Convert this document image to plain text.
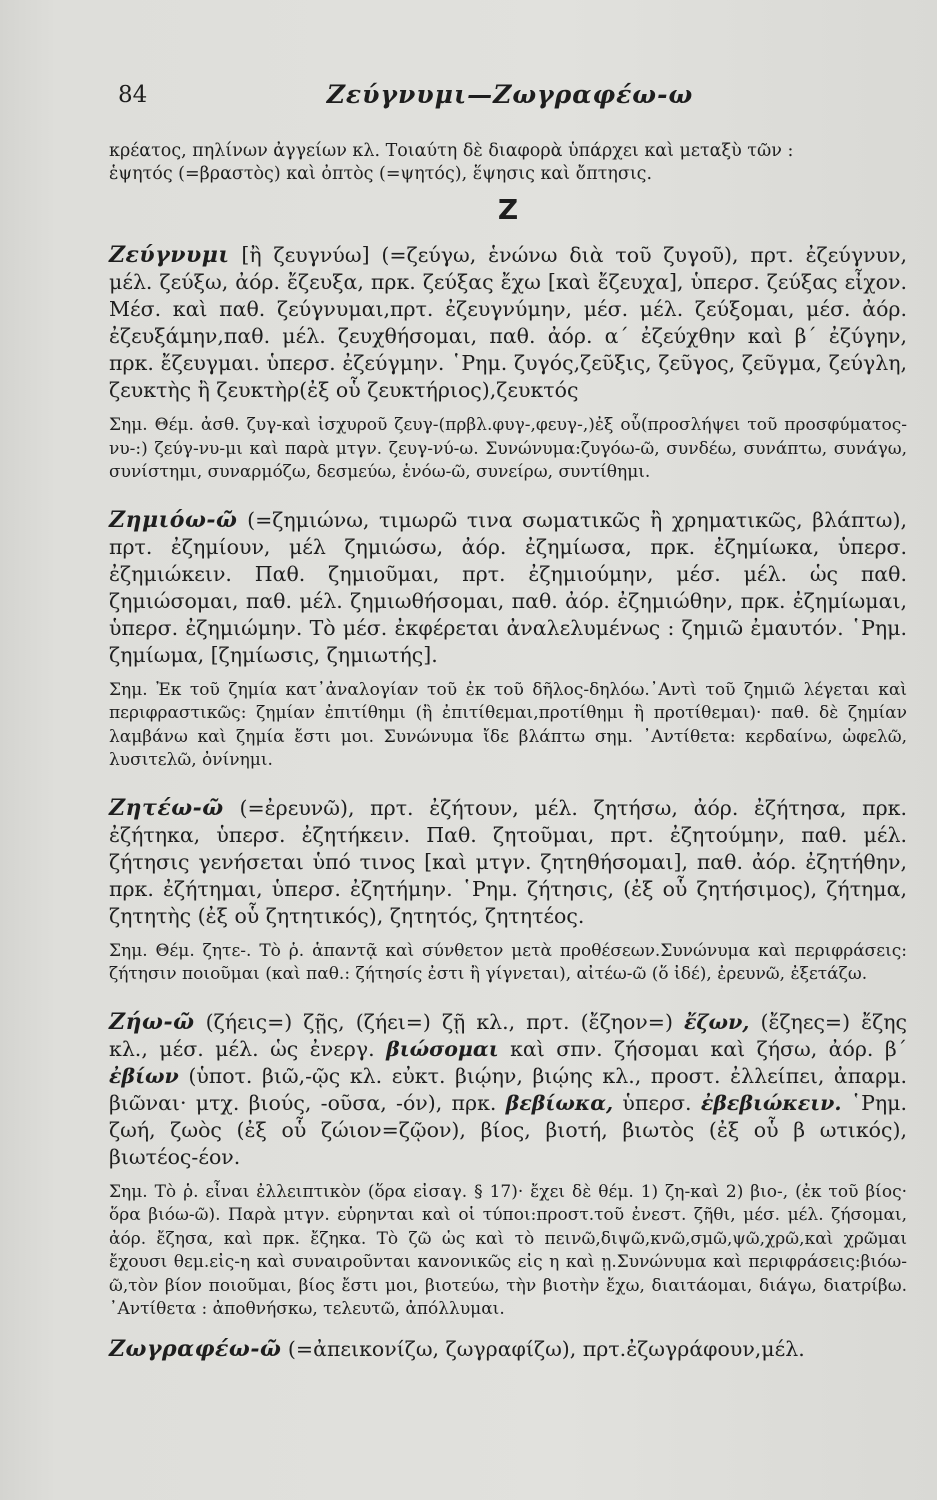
84	Ζεύγνυμι—Ζωγραφέω-ω
κρέατος, πηλίνων ἀγγείων κλ. Τοιαύτη δὲ διαφορὰ ὑπάρχει καὶ μεταξὺ τῶν :
ἑψητός (=βραστὸς) καὶ ὀπτὸς (=ψητός), ἕψησις καὶ ὄπτησις.
Z

Ζεύγνυμι [ἢ ζευγνύω] (=ζεύγω, ἑνώνω διὰ τοῦ ζυγοῦ), πρτ. ἐζεύγνυν, μέλ. ζεύξω, ἀόρ. ἔζευξα, πρκ. ζεύξας ἔχω [καὶ ἔζευχα], ὑπερσ. ζεύξας εἶχον. Μέσ. καὶ παθ. ζεύγνυμαι,πρτ. ἐζευγνύμην, μέσ. μέλ. ζεύξομαι, μέσ. ἀόρ. ἐζευξάμην,παθ. μέλ. ζευχθήσομαι, παθ. ἀόρ. α΄ ἐζεύχθην καὶ β΄ ἐζύγην, πρκ. ἔζευγμαι. ὑπερσ. ἐζεύγμην. ῾Ρημ. ζυγός,ζεῦξις, ζεῦγος, ζεῦγμα, ζεύγλη, ζευκτὴς ἢ ζευκτὴρ(ἐξ οὗ ζευκτήριος),ζευκτός

Σημ. Θέμ. ἀσθ. ζυγ-καὶ ἰσχυροῦ ζευγ-(πρβλ.φυγ-,φευγ-,)ἐξ οὗ(προσλήψει τοῦ προσφύματος-νυ-:) ζεύγ-νυ-μι καὶ παρὰ μτγν. ζευγ-νύ-ω. Συνώνυμα:ζυγόω-ῶ, συνδέω, συνάπτω, συνάγω, συνίστημι, συναρμόζω, δεσμεύω, ἑνόω-ῶ, συνείρω, συντίθημι.

Ζημιόω-ῶ (=ζημιώνω, τιμωρῶ τινα σωματικῶς ἢ χρηματικῶς, βλάπτω), πρτ. ἐζημίουν, μέλ ζημιώσω, ἀόρ. ἐζημίωσα, πρκ. ἐζημίωκα, ὑπερσ. ἐζημιώκειν. Παθ. ζημιοῦμαι, πρτ. ἐζημιούμην, μέσ. μέλ. ὡς παθ. ζημιώσομαι, παθ. μέλ. ζημιωθήσομαι, παθ. ἀόρ. ἐζημιώθην, πρκ. ἐζημίωμαι, ὑπερσ. ἐζημιώμην. Τὸ μέσ. ἐκφέρεται ἀναλελυμένως : ζημιῶ ἐμαυτόν. ῾Ρημ. ζημίωμα, [ζημίωσις, ζημιωτής].

Σημ. Ἐκ τοῦ ζημία κατ᾽ἀναλογίαν τοῦ ἐκ τοῦ δῆλος-δηλόω.᾽Αντὶ τοῦ ζημιῶ λέγεται καὶ περιφραστικῶς: ζημίαν ἐπιτίθημι (ἢ ἐπιτίθεμαι,προτίθημι ἢ προτίθεμαι)· παθ. δὲ ζημίαν λαμβάνω καὶ ζημία ἔστι μοι. Συνώνυμα ἴδε βλάπτω σημ. ᾽Αντίθετα: κερδαίνω, ὠφελῶ, λυσιτελῶ, ὀνίνημι.

Ζητέω-ῶ (=ἐρευνῶ), πρτ. ἐζήτουν, μέλ. ζητήσω, ἀόρ. ἐζήτησα, πρκ. ἐζήτηκα, ὑπερσ. ἐζητήκειν. Παθ. ζητοῦμαι, πρτ. ἐζητούμην, παθ. μέλ. ζήτησις γενήσεται ὑπό τινος [καὶ μτγν. ζητηθήσομαι], παθ. ἀόρ. ἐζητήθην, πρκ. ἐζήτημαι, ὑπερσ. ἐζητήμην. ῾Ρημ. ζήτησις, (ἐξ οὗ ζητήσιμος), ζήτημα, ζητητὴς (ἐξ οὗ ζητητικός), ζητητός, ζητητέος.

Σημ. Θέμ. ζητε-. Τὸ ῥ. ἁπαντᾷ καὶ σύνθετον μετὰ προθέσεων.Συνώνυμα καὶ περιφράσεις: ζήτησιν ποιοῦμαι (καὶ παθ.: ζήτησίς ἐστι ἢ γίγνεται), αἰτέω-ῶ (ὅ ἰδέ), ἐρευνῶ, ἐξετάζω.

Ζήω-ῶ (ζήεις=) ζῇς, (ζήει=) ζῇ κλ., πρτ. (ἔζηον=) ἔζων, (ἔζηες=) ἔζης κλ., μέσ. μέλ. ὡς ἐνεργ. βιώσομαι καὶ σπν. ζήσομαι καὶ ζήσω, ἀόρ. β΄ ἐβίων (ὑποτ. βιῶ,-ῷς κλ. εὐκτ. βιῴην, βιῴης κλ., προστ. ἐλλείπει, ἀπαρμ. βιῶναι· μτχ. βιούς, -οῦσα, -όν), πρκ. βεβίωκα, ὑπερσ. ἐβεβιώκειν. ῾Ρημ. ζωή, ζωὸς (ἐξ οὗ ζώιον=ζῷον), βίος, βιοτή, βιωτὸς (ἐξ οὗ β ωτικός), βιωτέος-έον.

Σημ. Τὸ ῥ. εἶναι ἐλλειπτικὸν (ὅρα εἰσαγ. § 17)· ἔχει δὲ θέμ. 1) ζη-καὶ 2) βιο-, (ἐκ τοῦ βίος· ὅρα βιόω-ῶ). Παρὰ μτγν. εὑρηνται καὶ οἱ τύποι:προστ.τοῦ ἐνεστ. ζῆθι, μέσ. μέλ. ζήσομαι, ἀόρ. ἔζησα, καὶ πρκ. ἔζηκα. Τὸ ζῶ ὡς καὶ τὸ πεινῶ,διψῶ,κνῶ,σμῶ,ψῶ,χρῶ,καὶ χρῶμαι ἔχουσι θεμ.εἰς-η καὶ συναιροῦνται κανονικῶς εἰς η καὶ ῃ.Συνώνυμα καὶ περιφράσεις:βιόω-ῶ,τὸν βίον ποιοῦμαι, βίος ἔστι μοι, βιοτεύω, τὴν βιοτὴν ἔχω, διαιτάομαι, διάγω, διατρίβω. ᾽Αντίθετα : ἀποθνήσκω, τελευτῶ, ἀπόλλυμαι.

Ζωγραφέω-ῶ (=ἀπεικονίζω, ζωγραφίζω), πρτ.ἐζωγράφουν,μέλ.
